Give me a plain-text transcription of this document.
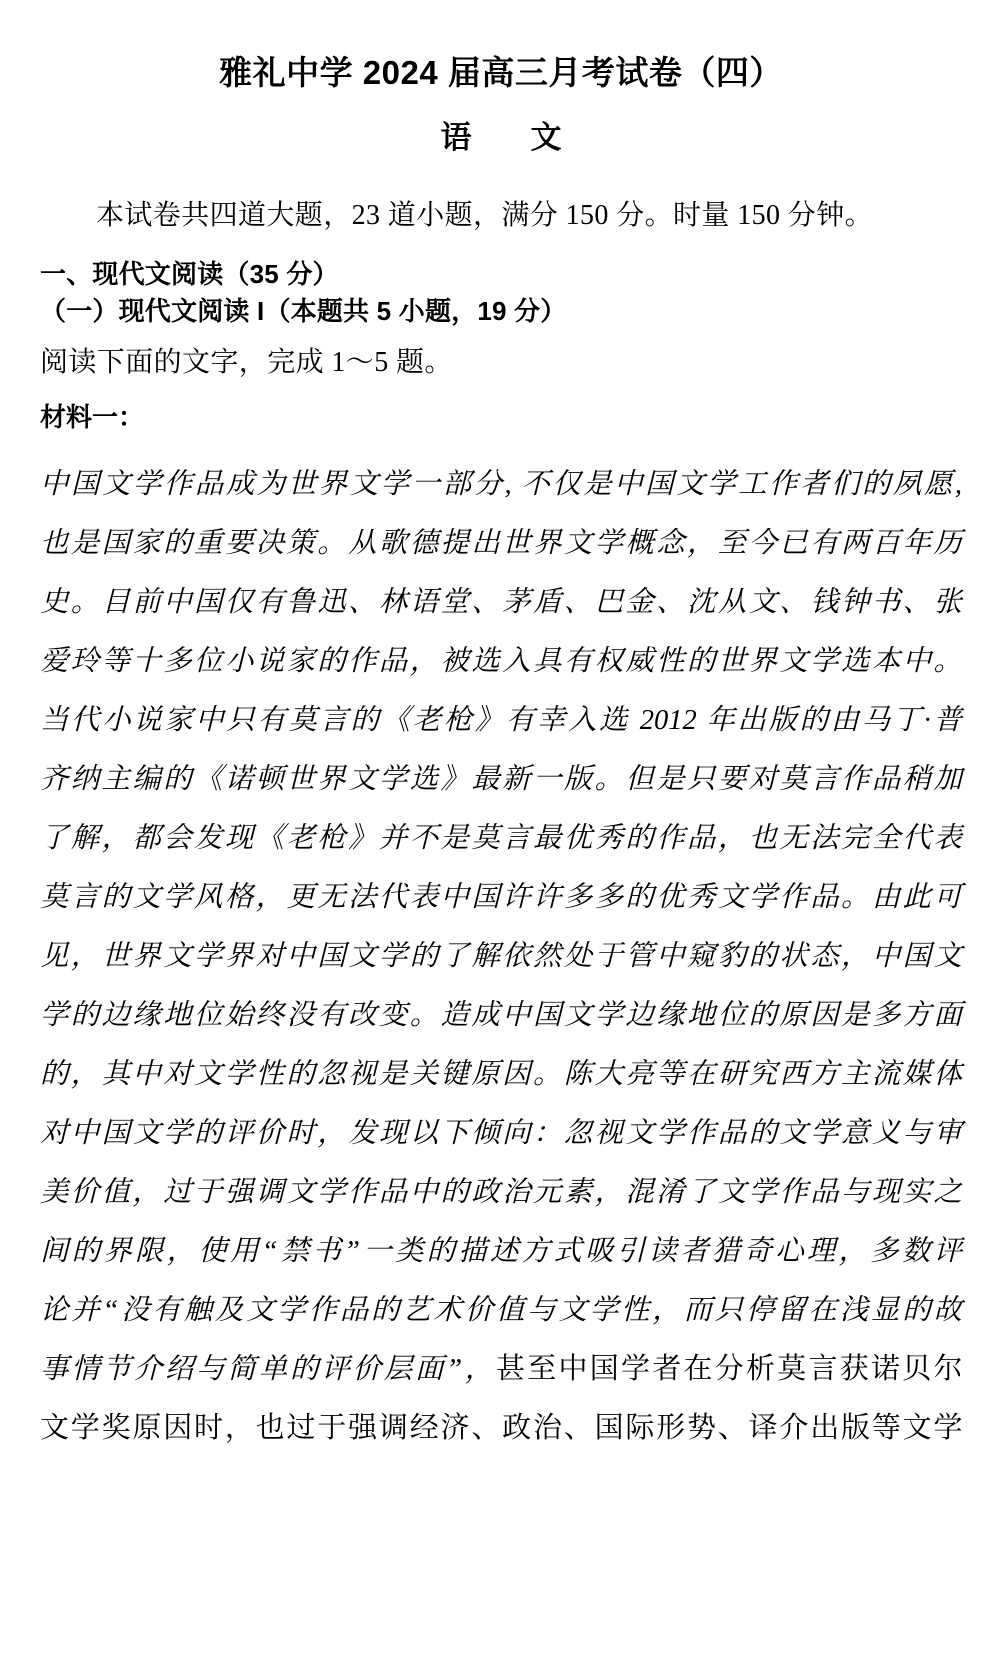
雅礼中学 2024 届高三月考试卷（四）
语　文

本试卷共四道大题，23 道小题，满分 150 分。时量 150 分钟。

一、现代文阅读（35 分）

（一）现代文阅读 I（本题共 5 小题，19 分）

阅读下面的文字，完成 1～5 题。

材料一：

中国文学作品成为世界文学一部分, 不仅是中国文学工作者们的夙愿,
也是国家的重要决策。从歌德提出世界文学概念，至今已有两百年历
史。目前中国仅有鲁迅、林语堂、茅盾、巴金、沈从文、钱钟书、张
爱玲等十多位小说家的作品，被选入具有权威性的世界文学选本中。
当代小说家中只有莫言的《老枪》有幸入选 2012 年出版的由马丁·普
齐纳主编的《诺顿世界文学选》最新一版。但是只要对莫言作品稍加
了解，都会发现《老枪》并不是莫言最优秀的作品，也无法完全代表
莫言的文学风格，更无法代表中国许许多多的优秀文学作品。由此可
见，世界文学界对中国文学的了解依然处于管中窥豹的状态，中国文
学的边缘地位始终没有改变。造成中国文学边缘地位的原因是多方面
的，其中对文学性的忽视是关键原因。陈大亮等在研究西方主流媒体
对中国文学的评价时，发现以下倾向：忽视文学作品的文学意义与审
美价值，过于强调文学作品中的政治元素，混淆了文学作品与现实之
间的界限，使用“禁书”一类的描述方式吸引读者猎奇心理，多数评
论并“没有触及文学作品的艺术价值与文学性，而只停留在浅显的故
事情节介绍与简单的评价层面”，甚至中国学者在分析莫言获诺贝尔
文学奖原因时，也过于强调经济、政治、国际形势、译介出版等文学
